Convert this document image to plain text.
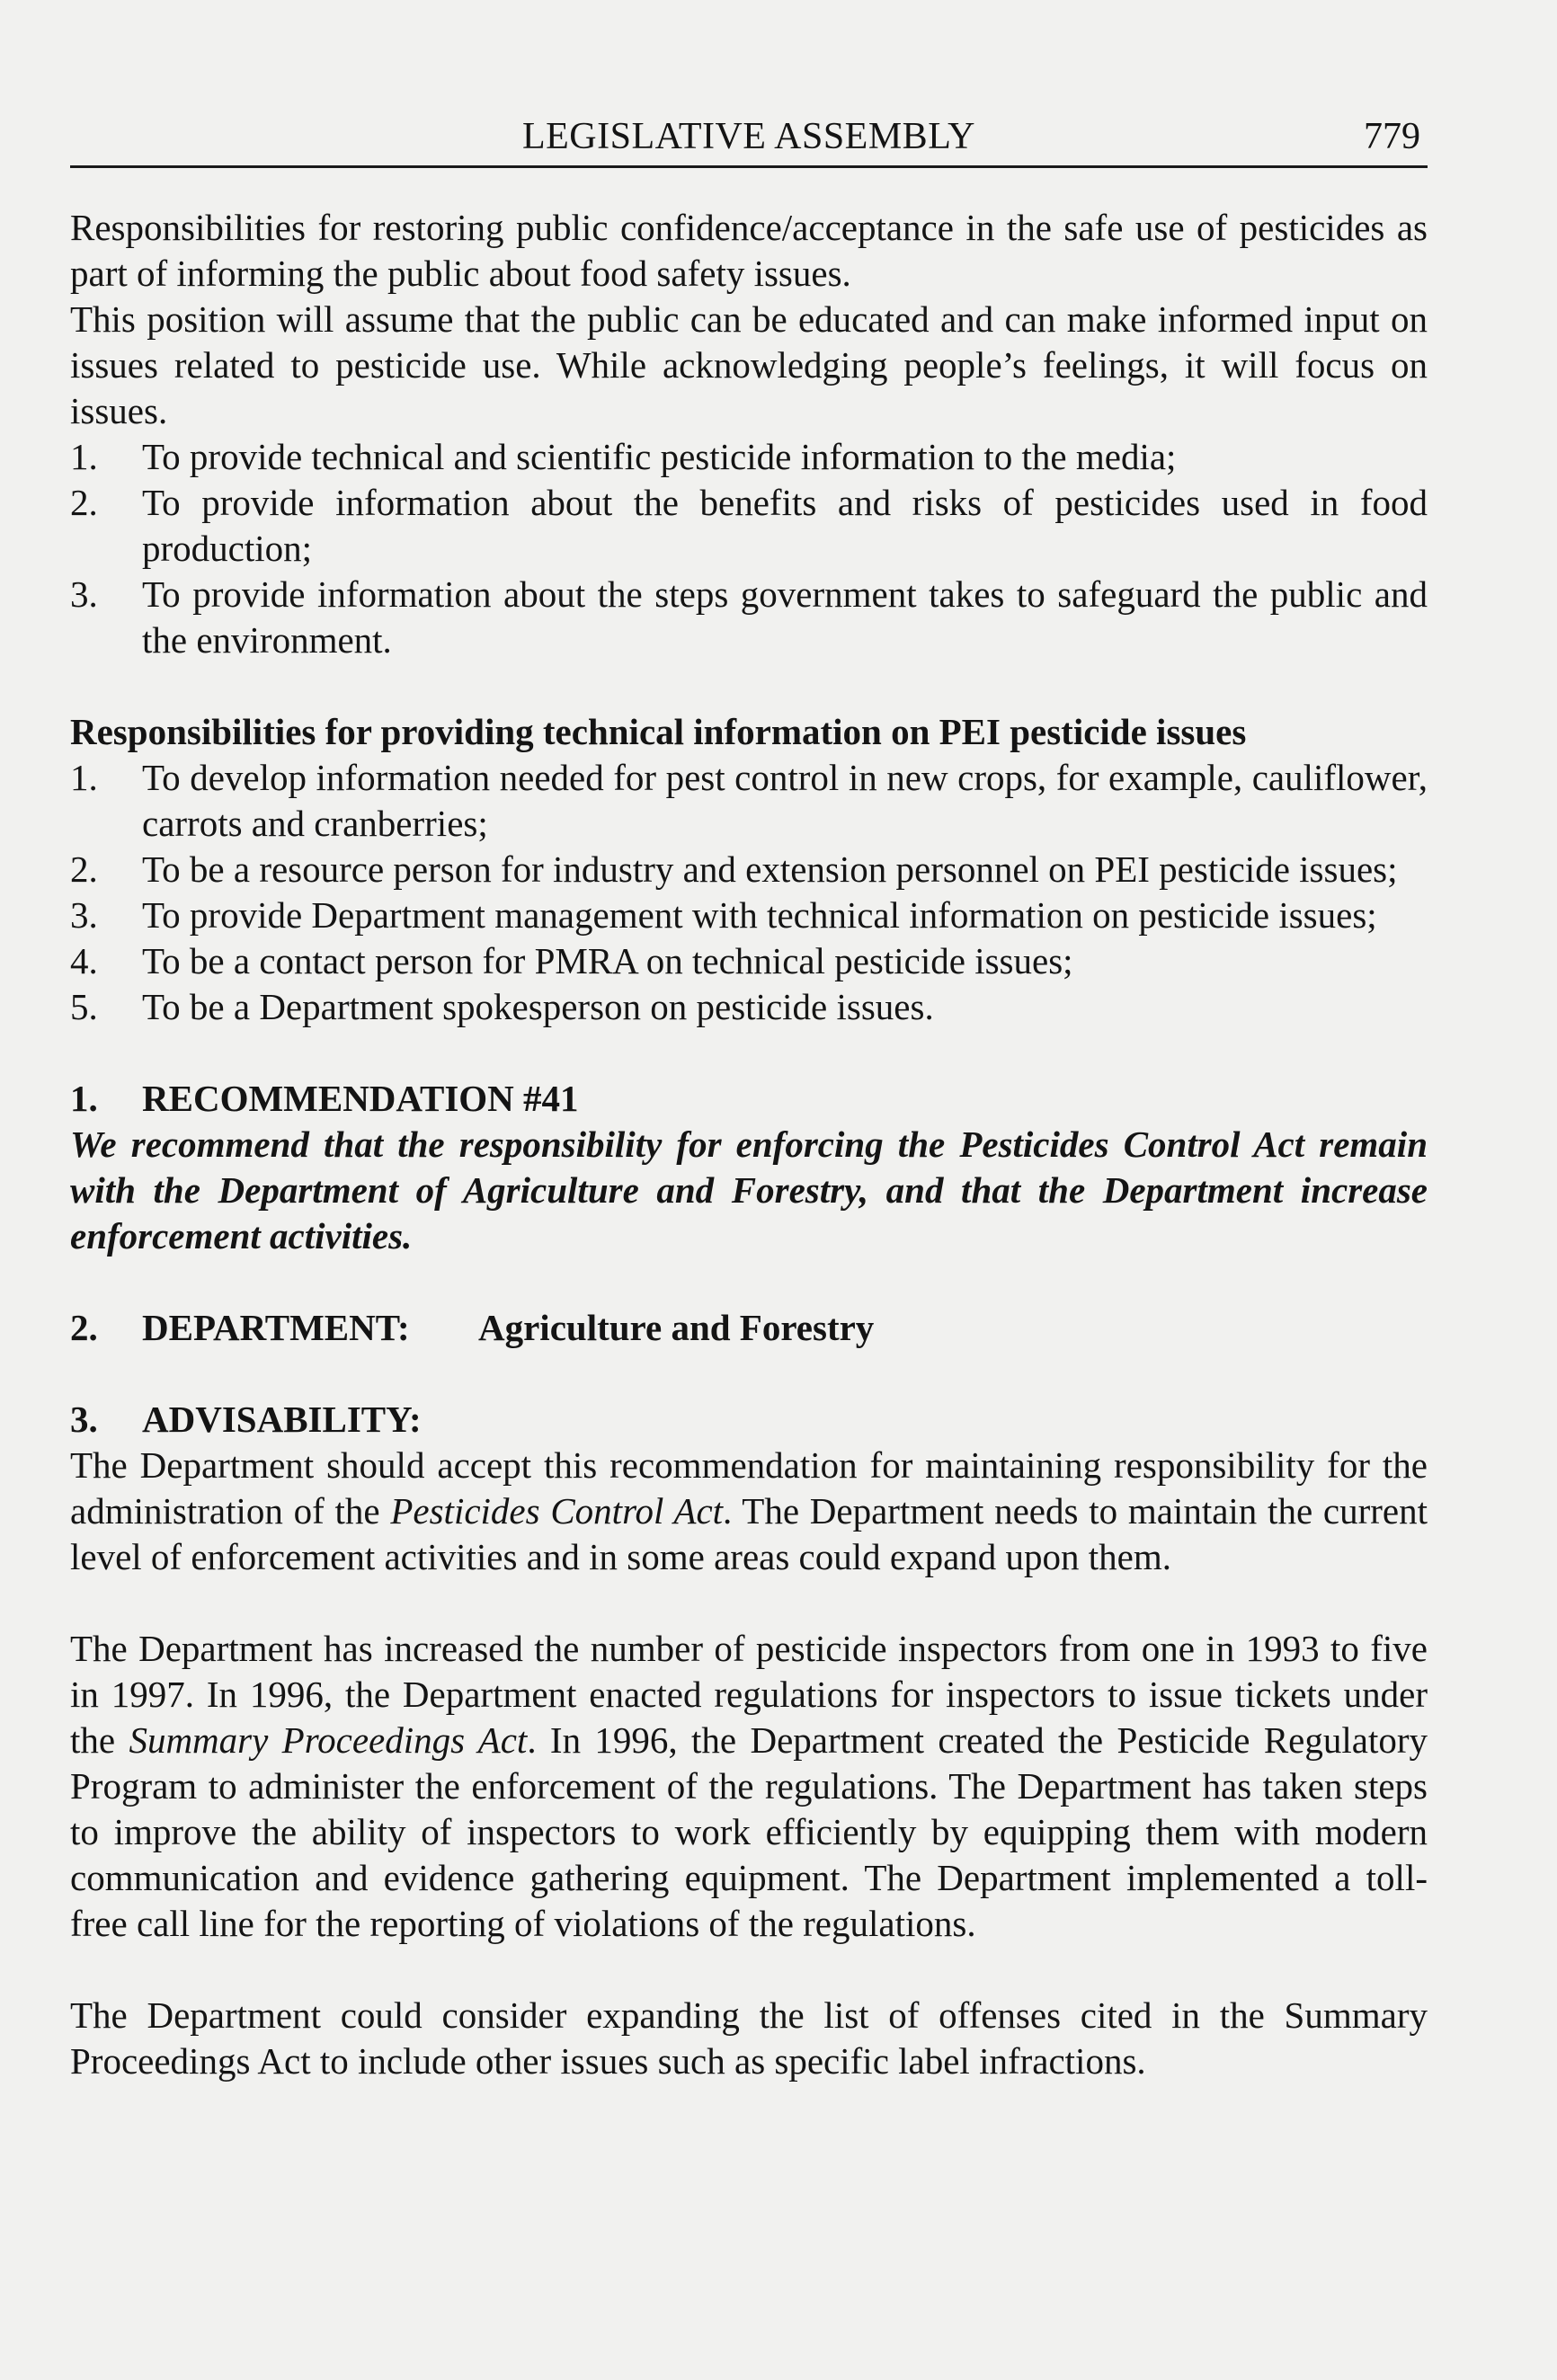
LEGISLATIVE ASSEMBLY	779

Responsibilities for restoring public confidence/acceptance in the safe use of pesticides as part of informing the public about food safety issues.

This position will assume that the public can be educated and can make informed input on issues related to pesticide use. While acknowledging people’s feelings, it will focus on issues.

1. To provide technical and scientific pesticide information to the media;
2. To provide information about the benefits and risks of pesticides used in food production;
3. To provide information about the steps government takes to safeguard the public and the environment.

Responsibilities for providing technical information on PEI pesticide issues

1. To develop information needed for pest control in new crops, for example, cauliflower, carrots and cranberries;
2. To be a resource person for industry and extension personnel on PEI pesticide issues;
3. To provide Department management with technical information on pesticide issues;
4. To be a contact person for PMRA on technical pesticide issues;
5. To be a Department spokesperson on pesticide issues.
1. RECOMMENDATION #41

We recommend that the responsibility for enforcing the Pesticides Control Act remain with the Department of Agriculture and Forestry, and that the Department increase enforcement activities.

2. DEPARTMENT: Agriculture and Forestry

3. ADVISABILITY:

The Department should accept this recommendation for maintaining responsibility for the administration of the Pesticides Control Act. The Department needs to maintain the current level of enforcement activities and in some areas could expand upon them.

The Department has increased the number of pesticide inspectors from one in 1993 to five in 1997. In 1996, the Department enacted regulations for inspectors to issue tickets under the Summary Proceedings Act. In 1996, the Department created the Pesticide Regulatory Program to administer the enforcement of the regulations. The Department has taken steps to improve the ability of inspectors to work efficiently by equipping them with modern communication and evidence gathering equipment. The Department implemented a toll-free call line for the reporting of violations of the regulations.

The Department could consider expanding the list of offenses cited in the Summary Proceedings Act to include other issues such as specific label infractions.
